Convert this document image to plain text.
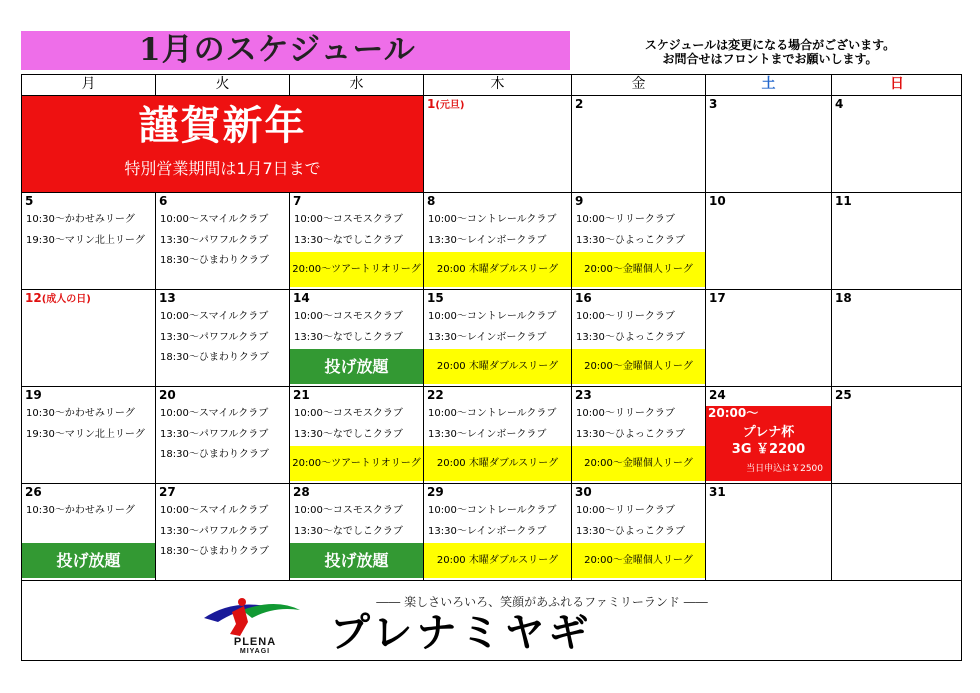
1月のスケジュール	スケジュールは変更になる場合がございます。
お問合せはフロントまでお願いします。
月	火	水	木	金	土	日
謹賀新年
特別営業期間は1月7日まで
1(元旦)	2	3	4
5
10:30～かわせみリーグ
19:30～マリン北上リーグ
6
10:00～スマイルクラブ
13:30～パワフルクラブ
18:30～ひまわりクラブ
7
10:00～コスモスクラブ
13:30～なでしこクラブ
20:00～ツアートリオリーグ
8
10:00～コントレールクラブ
13:30～レインボークラブ
20:00 木曜ダブルスリーグ
9
10:00～リリークラブ
13:30～ひよっこクラブ
20:00～金曜個人リーグ
10	11
12(成人の日)	13
10:00～スマイルクラブ
13:30～パワフルクラブ
18:30～ひまわりクラブ
14
10:00～コスモスクラブ
13:30～なでしこクラブ
投げ放題
15
10:00～コントレールクラブ
13:30～レインボークラブ
20:00 木曜ダブルスリーグ
16
10:00～リリークラブ
13:30～ひよっこクラブ
20:00～金曜個人リーグ
17	18
19
10:30～かわせみリーグ
19:30～マリン北上リーグ
20
10:00～スマイルクラブ
13:30～パワフルクラブ
18:30～ひまわりクラブ
21
10:00～コスモスクラブ
13:30～なでしこクラブ
20:00～ツアートリオリーグ
22
10:00～コントレールクラブ
13:30～レインボークラブ
20:00 木曜ダブルスリーグ
23
10:00～リリークラブ
13:30～ひよっこクラブ
20:00～金曜個人リーグ
24
20:00～
プレナ杯
3G ￥2200
当日申込は￥2500
25
26
10:30～かわせみリーグ
投げ放題
27
10:00～スマイルクラブ
13:30～パワフルクラブ
18:30～ひまわりクラブ
28
10:00～コスモスクラブ
13:30～なでしこクラブ
投げ放題
29
10:00～コントレールクラブ
13:30～レインボークラブ
20:00 木曜ダブルスリーグ
30
10:00～リリークラブ
13:30～ひよっこクラブ
20:00～金曜個人リーグ
31
PLENA
MIYAGI
―― 楽しさいろいろ、笑顔があふれるファミリーランド ――
プレナミヤギ
